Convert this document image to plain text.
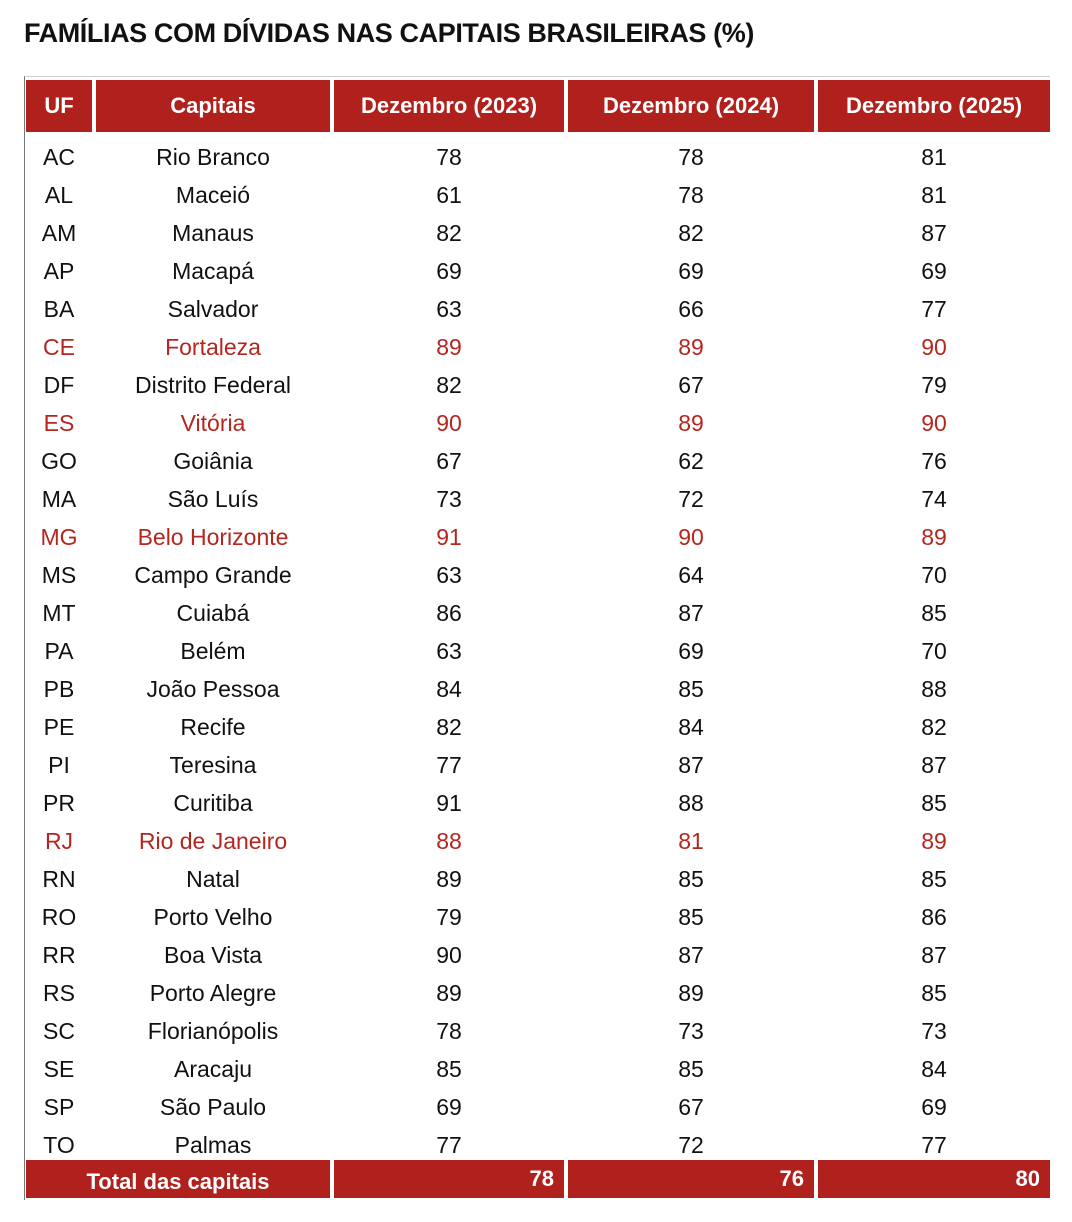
FAMÍLIAS COM DÍVIDAS NAS CAPITAIS BRASILEIRAS (%)
UF	Capitais	Dezembro (2023)	Dezembro (2024)	Dezembro (2025)
AC	Rio Branco	78	78	81
AL	Maceió	61	78	81
AM	Manaus	82	82	87
AP	Macapá	69	69	69
BA	Salvador	63	66	77
CE	Fortaleza	89	89	90
DF	Distrito Federal	82	67	79
ES	Vitória	90	89	90
GO	Goiânia	67	62	76
MA	São Luís	73	72	74
MG	Belo Horizonte	91	90	89
MS	Campo Grande	63	64	70
MT	Cuiabá	86	87	85
PA	Belém	63	69	70
PB	João Pessoa	84	85	88
PE	Recife	82	84	82
PI	Teresina	77	87	87
PR	Curitiba	91	88	85
RJ	Rio de Janeiro	88	81	89
RN	Natal	89	85	85
RO	Porto Velho	79	85	86
RR	Boa Vista	90	87	87
RS	Porto Alegre	89	89	85
SC	Florianópolis	78	73	73
SE	Aracaju	85	85	84
SP	São Paulo	69	67	69
TO	Palmas	77	72	77
Total das capitais	78	76	80
